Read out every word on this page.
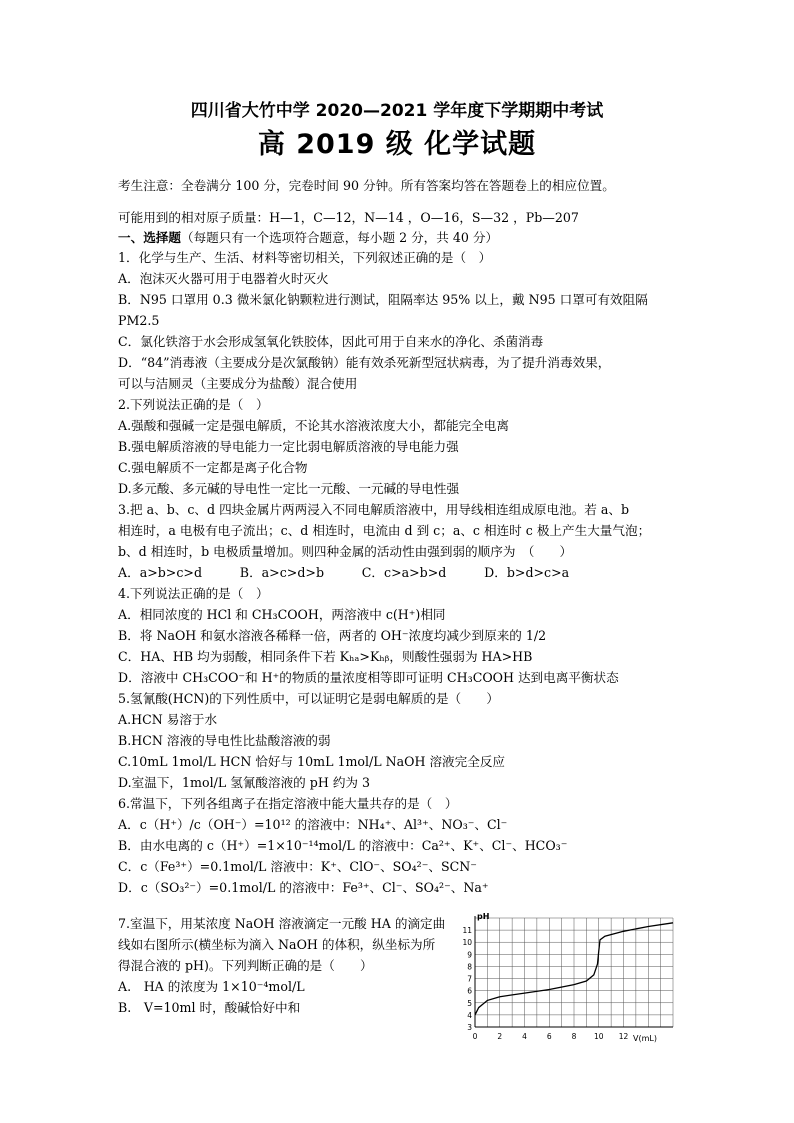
四川省大竹中学 2020—2021 学年度下学期期中考试
高 2019 级 化学试题
考生注意：全卷满分 100 分，完卷时间 90 分钟。所有答案均答在答题卷上的相应位置。
可能用到的相对原子质量：H—1，C—12，N—14 ，O—16，S—32 ，Pb—207
一、选择题（每题只有一个选项符合题意，每小题 2 分，共 40 分）
1．化学与生产、生活、材料等密切相关，下列叙述正确的是（　）
A．泡沫灭火器可用于电器着火时灭火
B．N95 口罩用 0.3 微米氯化钠颗粒进行测试，阻隔率达 95% 以上，戴 N95 口罩可有效阻隔
PM2.5
C．氯化铁溶于水会形成氢氧化铁胶体，因此可用于自来水的净化、杀菌消毒
D．“84”消毒液（主要成分是次氯酸钠）能有效杀死新型冠状病毒，为了提升消毒效果，
可以与洁厕灵（主要成分为盐酸）混合使用
2.下列说法正确的是（　）
A.强酸和强碱一定是强电解质，不论其水溶液浓度大小，都能完全电离
B.强电解质溶液的导电能力一定比弱电解质溶液的导电能力强
C.强电解质不一定都是离子化合物
D.多元酸、多元碱的导电性一定比一元酸、一元碱的导电性强
3.把 a、b、c、d 四块金属片两两浸入不同电解质溶液中，用导线相连组成原电池。若 a、b
相连时，a 电极有电子流出；c、d 相连时，电流由 d 到 c；a、c 相连时 c 极上产生大量气泡；
b、d 相连时，b 电极质量增加。则四种金属的活动性由强到弱的顺序为　（　　）
A．a>b>c>d　　　B．a>c>d>b　　　C．c>a>b>d　　　D．b>d>c>a
4.下列说法正确的是（　）
A．相同浓度的 HCl 和 CH₃COOH，两溶液中 c(H⁺)相同
B．将 NaOH 和氨水溶液各稀释一倍，两者的 OH⁻浓度均减少到原来的 1/2
C．HA、HB 均为弱酸，相同条件下若 Kₕₐ>Kₕᵦ，则酸性强弱为 HA>HB
D．溶液中 CH₃COO⁻和 H⁺的物质的量浓度相等即可证明 CH₃COOH 达到电离平衡状态
5.氢氰酸(HCN)的下列性质中，可以证明它是弱电解质的是（　　）
A.HCN 易溶于水
B.HCN 溶液的导电性比盐酸溶液的弱
C.10mL 1mol/L HCN 恰好与 10mL 1mol/L NaOH 溶液完全反应
D.室温下，1mol/L 氢氰酸溶液的 pH 约为 3
6.常温下，下列各组离子在指定溶液中能大量共存的是（　）
A．c（H⁺）/c（OH⁻）=10¹² 的溶液中：NH₄⁺、Al³⁺、NO₃⁻、Cl⁻
B．由水电离的 c（H⁺）=1×10⁻¹⁴mol/L 的溶液中：Ca²⁺、K⁺、Cl⁻、HCO₃⁻
C．c（Fe³⁺）=0.1mol/L 溶液中：K⁺、ClO⁻、SO₄²⁻、SCN⁻
D．c（SO₃²⁻）=0.1mol/L 的溶液中：Fe³⁺、Cl⁻、SO₄²⁻、Na⁺
7.室温下，用某浓度 NaOH 溶液滴定一元酸 HA 的滴定曲
线如右图所示(横坐标为滴入 NaOH 的体积，纵坐标为所
得混合液的 pH)。下列判断正确的是（　　）
A.　HA 的浓度为 1×10⁻⁴mol/L
B.　V=10ml 时，酸碱恰好中和
0	2	4	6	8 10 12
3
4
5
6
7
8
9
10
11
pH
V(mL)
